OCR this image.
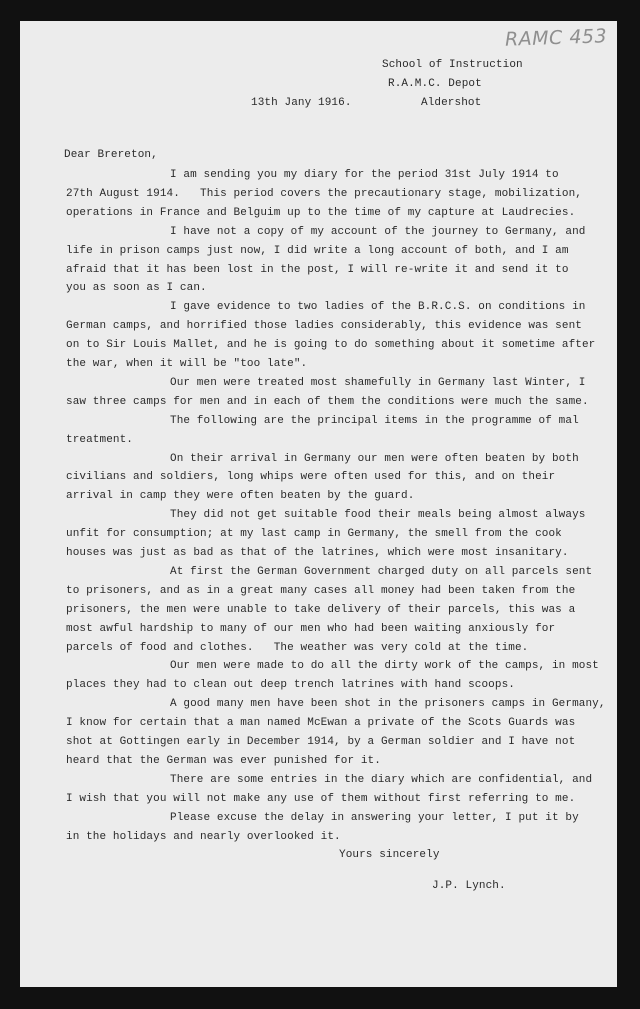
RAMC 453
School of Instruction
R.A.M.C. Depot
Aldershot
13th Jany 1916.
Dear Brereton,
I am sending you my diary for the period 31st July 1914 to
27th August 1914.   This period covers the precautionary stage, mobilization,
operations in France and Belguim up to the time of my capture at Laudrecies.
I have not a copy of my account of the journey to Germany, and
life in prison camps just now, I did write a long account of both, and I am
afraid that it has been lost in the post, I will re-write it and send it to
you as soon as I can.
I gave evidence to two ladies of the B.R.C.S. on conditions in
German camps, and horrified those ladies considerably, this evidence was sent
on to Sir Louis Mallet, and he is going to do something about it sometime after
the war, when it will be "too late".
Our men were treated most shamefully in Germany last Winter, I
saw three camps for men and in each of them the conditions were much the same.
The following are the principal items in the programme of mal
treatment.
On their arrival in Germany our men were often beaten by both
civilians and soldiers, long whips were often used for this, and on their
arrival in camp they were often beaten by the guard.
They did not get suitable food their meals being almost always
unfit for consumption; at my last camp in Germany, the smell from the cook
houses was just as bad as that of the latrines, which were most insanitary.
At first the German Government charged duty on all parcels sent
to prisoners, and as in a great many cases all money had been taken from the
prisoners, the men were unable to take delivery of their parcels, this was a
most awful hardship to many of our men who had been waiting anxiously for
parcels of food and clothes.   The weather was very cold at the time.
Our men were made to do all the dirty work of the camps, in most
places they had to clean out deep trench latrines with hand scoops.
A good many men have been shot in the prisoners camps in Germany,
I know for certain that a man named McEwan a private of the Scots Guards was
shot at Gottingen early in December 1914, by a German soldier and I have not
heard that the German was ever punished for it.
There are some entries in the diary which are confidential, and
I wish that you will not make any use of them without first referring to me.
Please excuse the delay in answering your letter, I put it by
in the holidays and nearly overlooked it.
Yours sincerely
J.P. Lynch.
